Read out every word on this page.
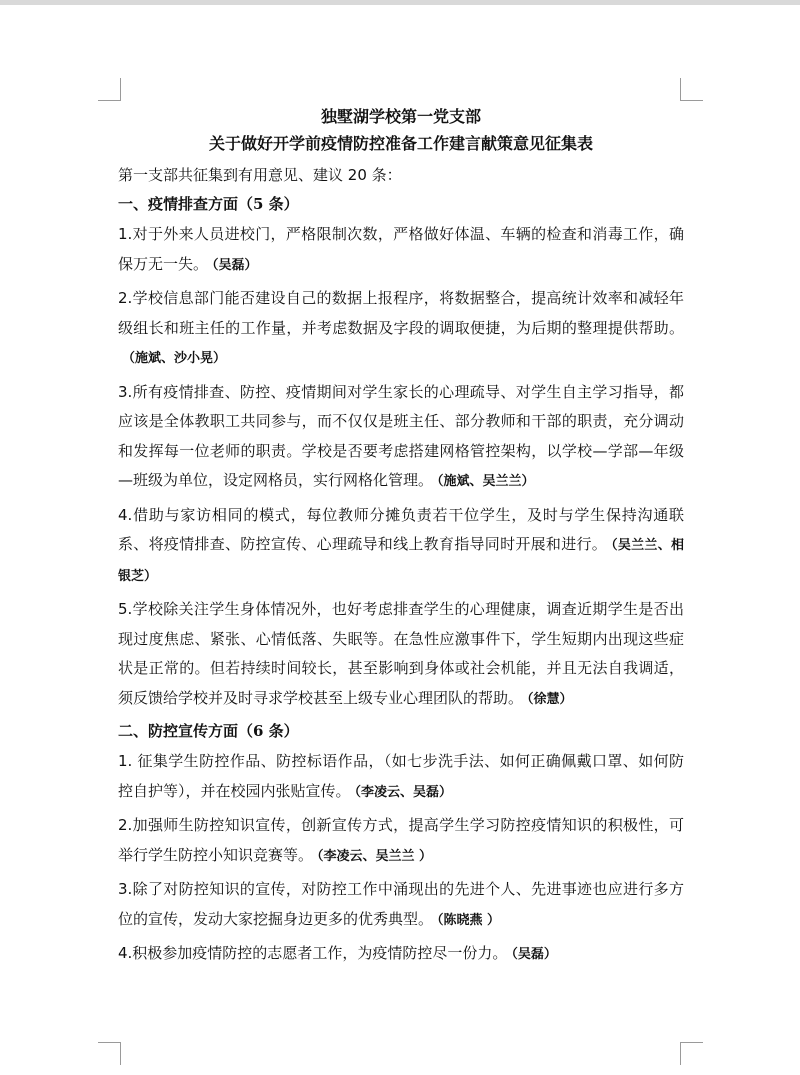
独墅湖学校第一党支部
关于做好开学前疫情防控准备工作建言献策意见征集表
第一支部共征集到有用意见、建议 20 条：
一、疫情排查方面（5 条）
1.对于外来人员进校门，严格限制次数，严格做好体温、车辆的检查和消毒工作，确保万无一失。 （吴磊）
2.学校信息部门能否建设自己的数据上报程序，将数据整合，提高统计效率和减轻年级组长和班主任的工作量，并考虑数据及字段的调取便捷，为后期的整理提供帮助。（施斌、沙小晃）
3.所有疫情排查、防控、疫情期间对学生家长的心理疏导、对学生自主学习指导，都应该是全体教职工共同参与，而不仅仅是班主任、部分教师和干部的职责，充分调动和发挥每一位老师的职责。学校是否要考虑搭建网格管控架构，以学校—学部—年级—班级为单位，设定网格员，实行网格化管理。 （施斌、吴兰兰）
4.借助与家访相同的模式，每位教师分摊负责若干位学生，及时与学生保持沟通联系、将疫情排查、防控宣传、心理疏导和线上教育指导同时开展和进行。 （吴兰兰、相银芝）
5.学校除关注学生身体情况外，也好考虑排查学生的心理健康，调查近期学生是否出现过度焦虑、紧张、心情低落、失眠等。在急性应激事件下，学生短期内出现这些症状是正常的。但若持续时间较长，甚至影响到身体或社会机能，并且无法自我调适，须反馈给学校并及时寻求学校甚至上级专业心理团队的帮助。 （徐慧）
二、防控宣传方面（6 条）
1. 征集学生防控作品、防控标语作品，（如七步洗手法、如何正确佩戴口罩、如何防控自护等），并在校园内张贴宣传。 （李凌云、吴磊）
2.加强师生防控知识宣传，创新宣传方式，提高学生学习防控疫情知识的积极性，可举行学生防控小知识竞赛等。 （李凌云、吴兰兰 ）
3.除了对防控知识的宣传，对防控工作中涌现出的先进个人、先进事迹也应进行多方位的宣传，发动大家挖掘身边更多的优秀典型。 （陈晓燕 ）
4.积极参加疫情防控的志愿者工作，为疫情防控尽一份力。 （吴磊）
